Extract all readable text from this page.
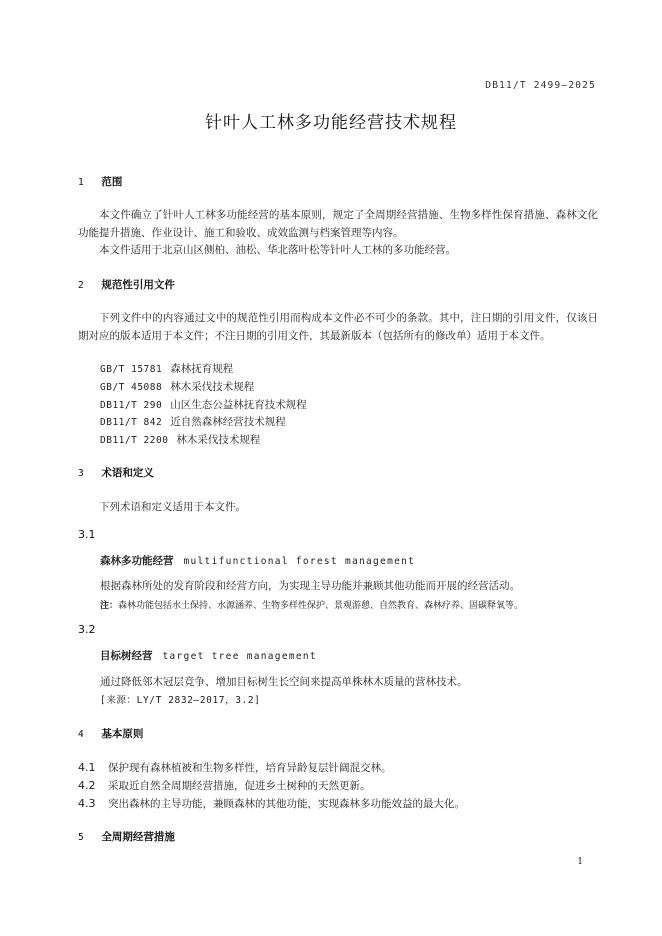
DB11/T 2499—2025
针叶人工林多功能经营技术规程
1 范围

本文件确立了针叶人工林多功能经营的基本原则，规定了全周期经营措施、生物多样性保育措施、森林文化功能提升措施、作业设计、施工和验收、成效监测与档案管理等内容。

本文件适用于北京山区侧柏、油松、华北落叶松等针叶人工林的多功能经营。

2 规范性引用文件

下列文件中的内容通过文中的规范性引用而构成本文件必不可少的条款。其中，注日期的引用文件，仅该日期对应的版本适用于本文件；不注日期的引用文件，其最新版本（包括所有的修改单）适用于本文件。

GB/T 15781 森林抚育规程
GB/T 45088 林木采伐技术规程
DB11/T 290 山区生态公益林抚育技术规程
DB11/T 842 近自然森林经营技术规程
DB11/T 2200 林木采伐技术规程
3 术语和定义

下列术语和定义适用于本文件。

3.1
森林多功能经营 multifunctional forest management
根据森林所处的发育阶段和经营方向，为实现主导功能并兼顾其他功能而开展的经营活动。
注：森林功能包括水土保持、水源涵养、生物多样性保护、景观游憩、自然教育、森林疗养、固碳释氧等。
3.2
目标树经营 target tree management
通过降低邻木冠层竞争、增加目标树生长空间来提高单株林木质量的营林技术。
[来源：LY/T 2832—2017，3.2]
4 基本原则
4.1 保护现有森林植被和生物多样性，培育异龄复层针阔混交林。
4.2 采取近自然全周期经营措施，促进乡土树种的天然更新。
4.3 突出森林的主导功能，兼顾森林的其他功能，实现森林多功能效益的最大化。
5 全周期经营措施
1
